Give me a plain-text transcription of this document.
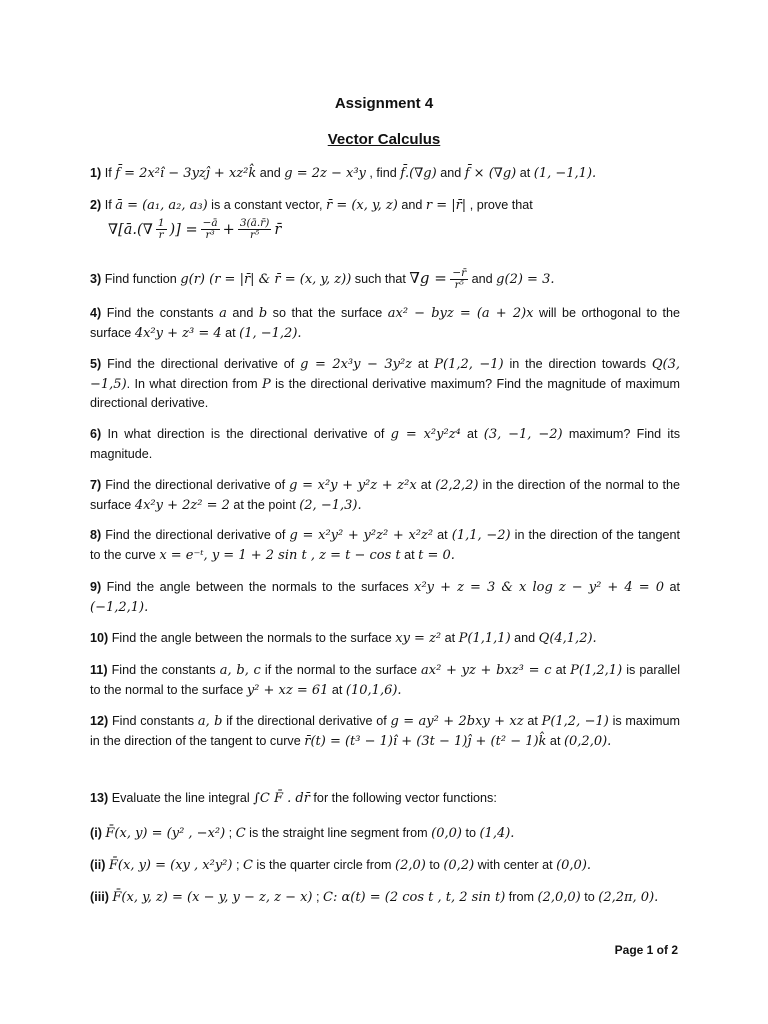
Assignment 4
Vector Calculus
1) If f̄ = 2x²î − 3yzĵ + xz²k̂ and g = 2z − x³y , find f̄.(∇g) and f̄ × (∇g) at (1, −1,1).
2) If ā = (a₁, a₂, a₃) is a constant vector, r̄ = (x, y, z) and r = |r̄| , prove that
∇[ā.(∇ $\frac{1}{r}$ )] = $\frac{-ā}{\text{r³}} + \frac{3(ā.r̄)}{\text{r⁵}}$ r̄
3) Find function g(r) (r = |r̄| & r̄ = (x, y, z)) such that $\nabla g = \frac{-r̄}{\text{r⁵}}$ and g(2) = 3.
4) Find the constants a and b so that the surface ax² − byz = (a + 2)x will be orthogonal to the surface 4x²y + z³ = 4 at (1, −1,2).
5) Find the directional derivative of g = 2x³y − 3y²z at P(1,2, −1) in the direction towards Q(3, −1,5). In what direction from P is the directional derivative maximum? Find the magnitude of maximum directional derivative.
6) In what direction is the directional derivative of g = x²y²z⁴ at (3, −1, −2) maximum? Find its magnitude.
7) Find the directional derivative of g = x²y + y²z + z²x at (2,2,2) in the direction of the normal to the surface 4x²y + 2z² = 2 at the point (2, −1,3).
8) Find the directional derivative of g = x²y² + y²z² + x²z² at (1,1, −2) in the direction of the tangent to the curve x = e⁻ᵗ, y = 1 + 2 sin t , z = t − cos t at t = 0.
9) Find the angle between the normals to the surfaces x²y + z = 3 & x log z − y² + 4 = 0 at (−1,2,1).
10) Find the angle between the normals to the surface xy = z² at P(1,1,1) and Q(4,1,2).
11) Find the constants a, b, c if the normal to the surface ax² + yz + bxz³ = c at P(1,2,1) is parallel to the normal to the surface y² + xz = 61 at (10,1,6).
12) Find constants a, b if the directional derivative of g = ay² + 2bxy + xz at P(1,2, −1) is maximum in the direction of the tangent to curve r̄(t) = (t³ − 1)î + (3t − 1)ĵ + (t² − 1)k̂ at (0,2,0).
13) Evaluate the line integral ∫C F̄ . dr̄ for the following vector functions:
(i) F̄(x, y) = (y² , −x²) ; C is the straight line segment from (0,0) to (1,4).
(ii) F̄(x, y) = (xy , x²y²) ; C is the quarter circle from (2,0) to (0,2) with center at (0,0).
(iii) F̄(x, y, z) = (x − y, y − z, z − x) ; C: α(t) = (2 cos t , t, 2 sin t) from (2,0,0) to (2,2π, 0).
Page 1 of 2
